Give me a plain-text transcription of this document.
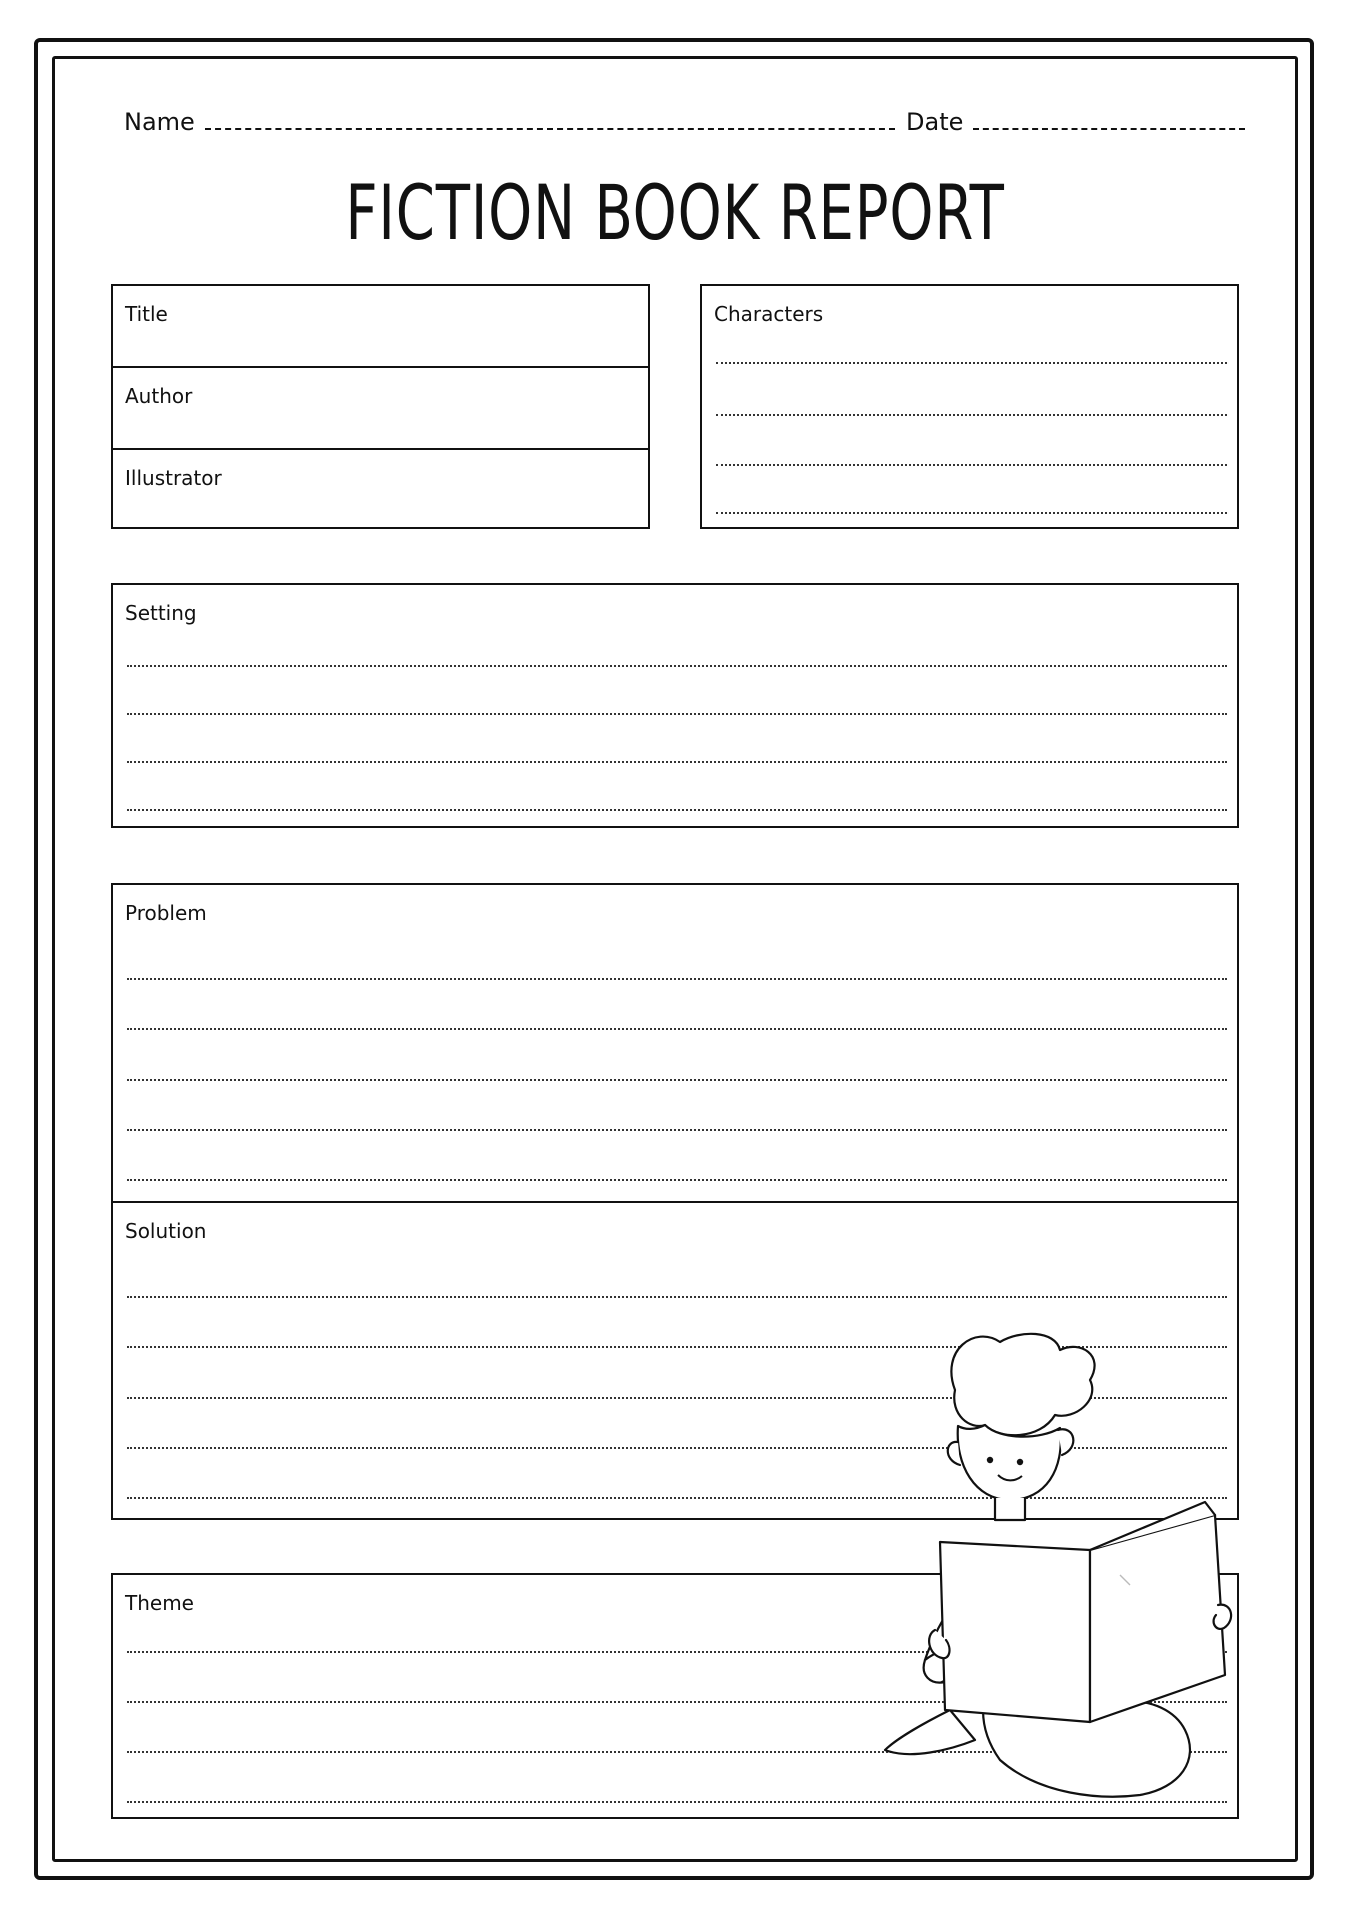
Name	Date
FICTION BOOK REPORT
Title
Author
Illustrator
Characters
Setting
Problem
Solution
Theme
